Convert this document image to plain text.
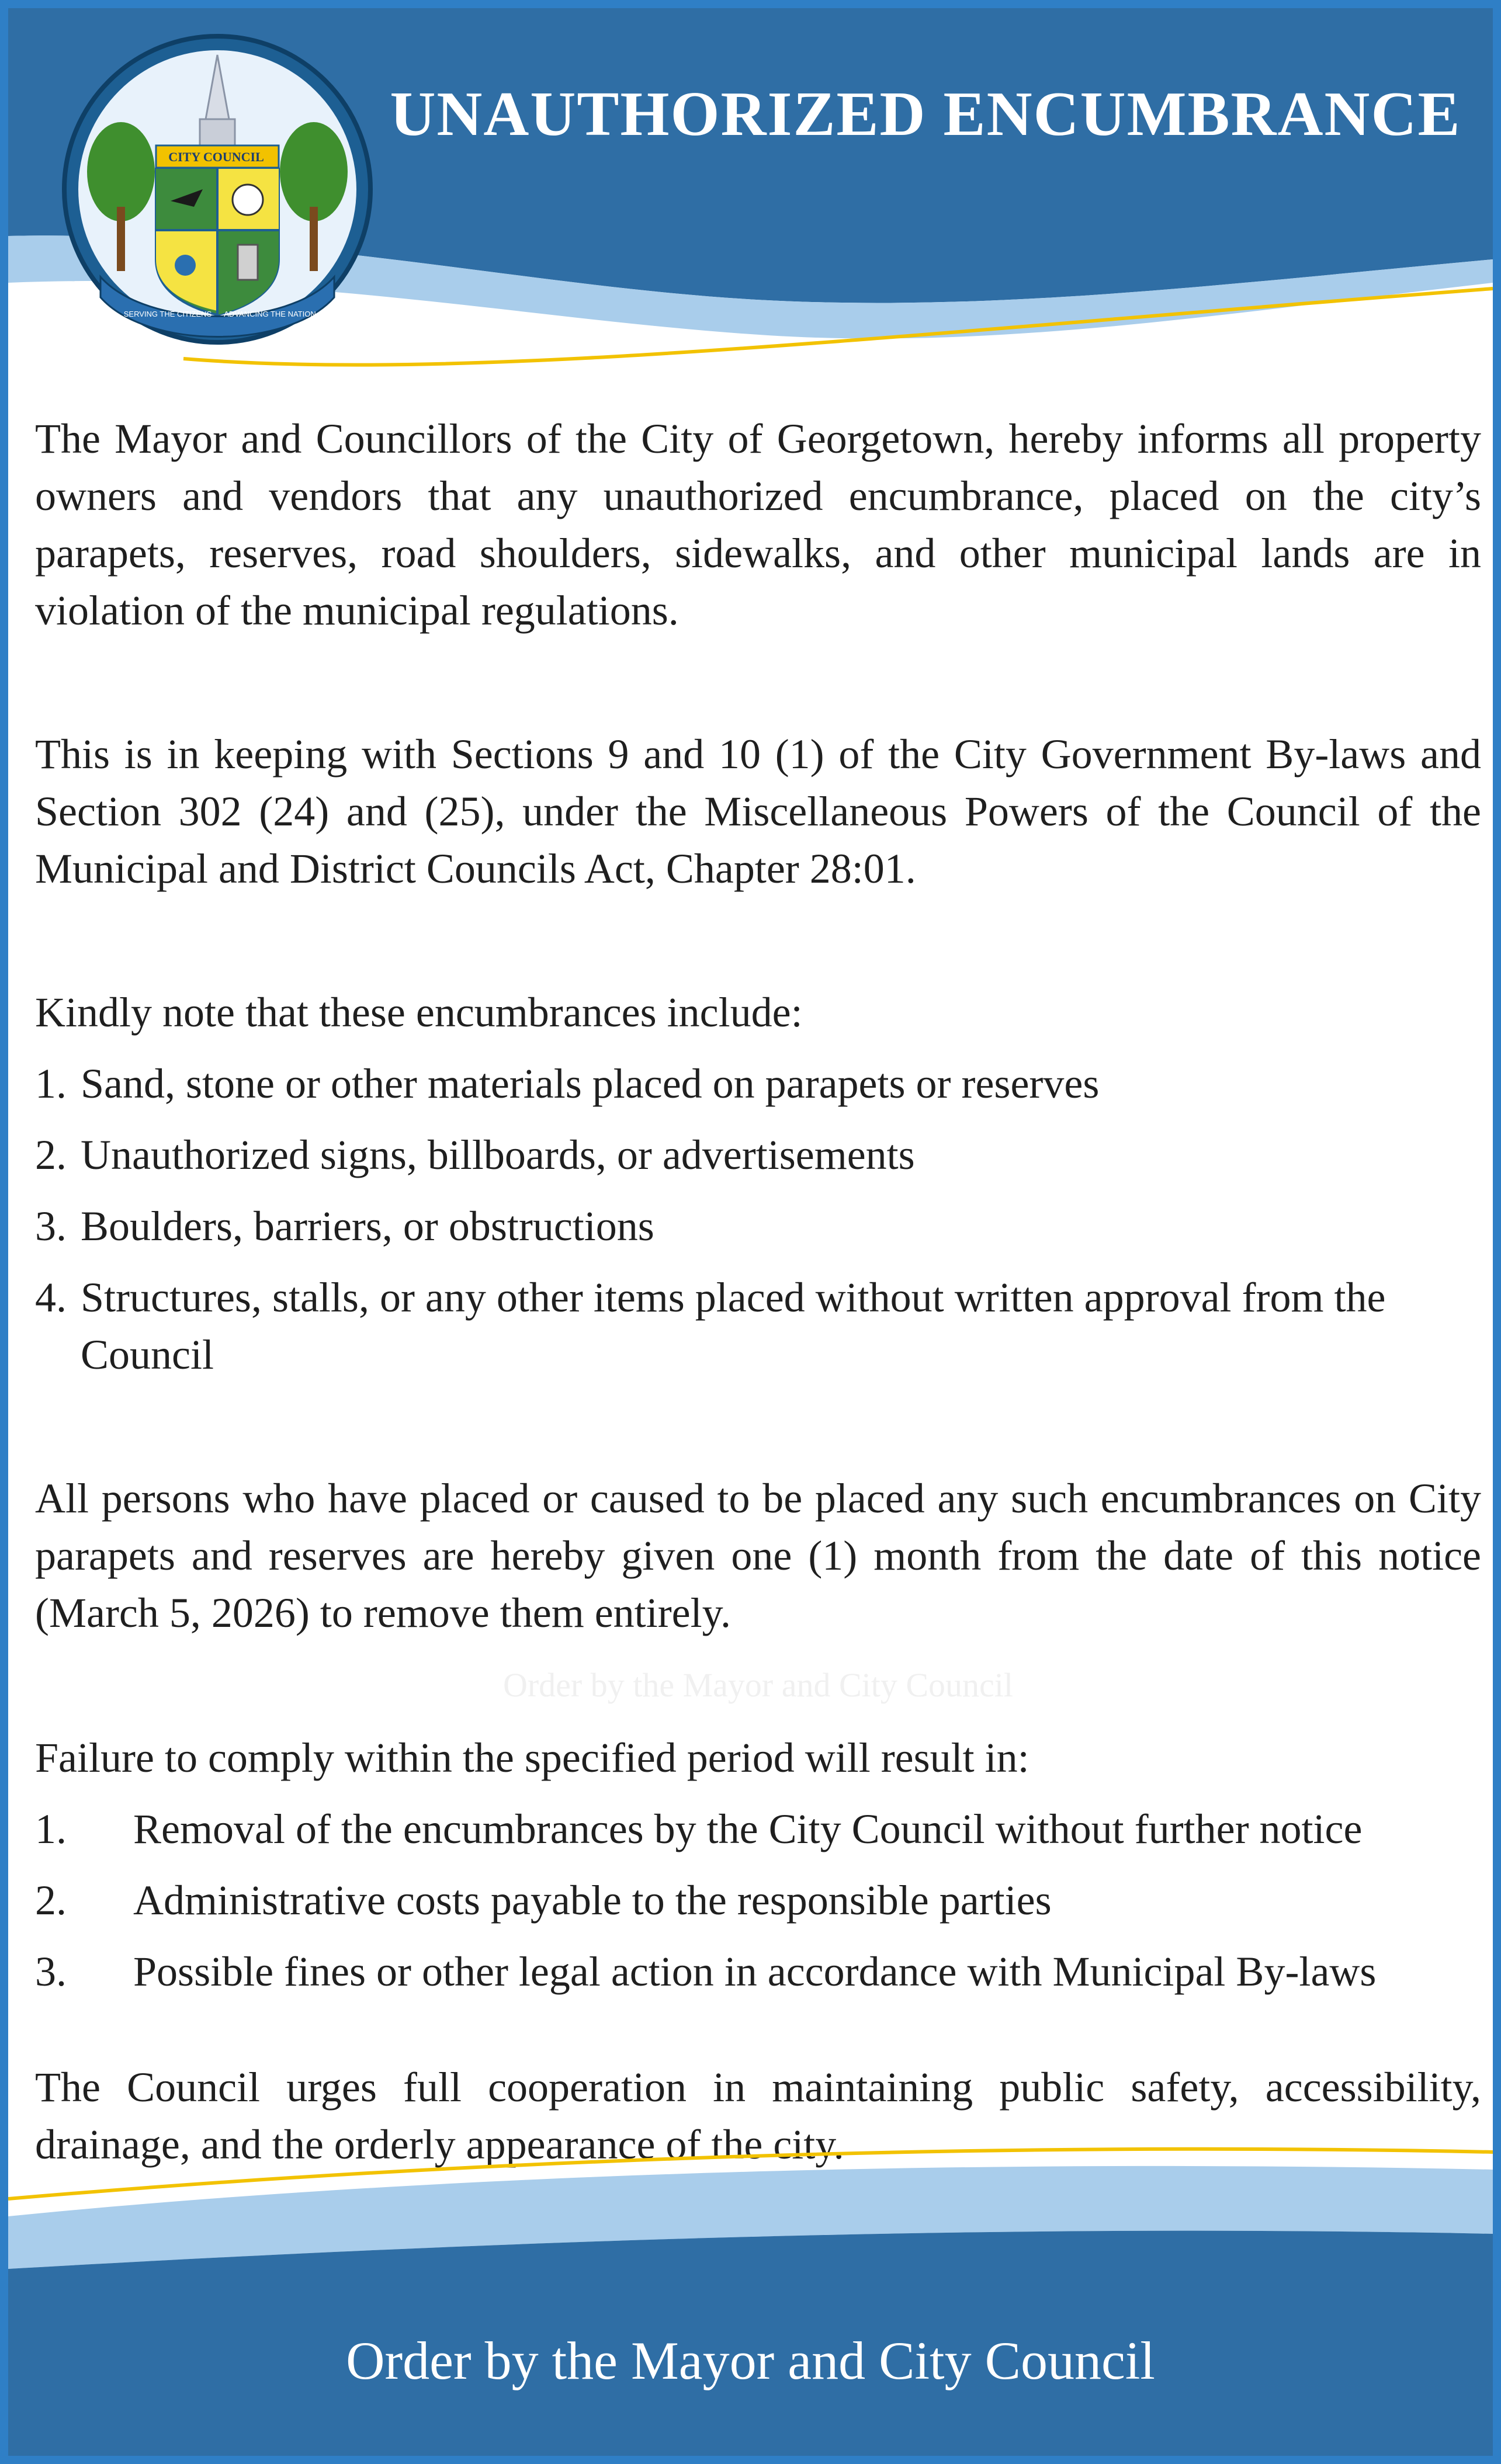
CITY COUNCIL
SERVING THE CITIZENS ADVANCING THE NATION
UNAUTHORIZED ENCUMBRANCE

The Mayor and Councillors of the City of Georgetown, hereby informs all property owners and vendors that any unauthorized encumbrance, placed on the city’s parapets, reserves, road shoulders, sidewalks, and other municipal lands are in violation of the municipal regulations.

This is in keeping with Sections 9 and 10 (1) of the City Government By-laws and Section 302 (24) and (25), under the Miscellaneous Powers of the Council of the Municipal and District Councils Act, Chapter 28:01.

Kindly note that these encumbrances include:

1. Sand, stone or other materials placed on parapets or reserves
2. Unauthorized signs, billboards, or advertisements
3. Boulders, barriers, or obstructions
4. Structures, stalls, or any other items placed without written approval from the Council

All persons who have placed or caused to be placed any such encumbrances on City parapets and reserves are hereby given one (1) month from the date of this notice (March 5, 2026) to remove them entirely.

Order by the Mayor and City Council

Failure to comply within the specified period will result in:

1. Removal of the encumbrances by the City Council without further notice
2. Administrative costs payable to the responsible parties
3. Possible fines or other legal action in accordance with Municipal By-laws

The Council urges full cooperation in maintaining public safety, accessibility, drainage, and the orderly appearance of the city.

Order by the Mayor and City Council
